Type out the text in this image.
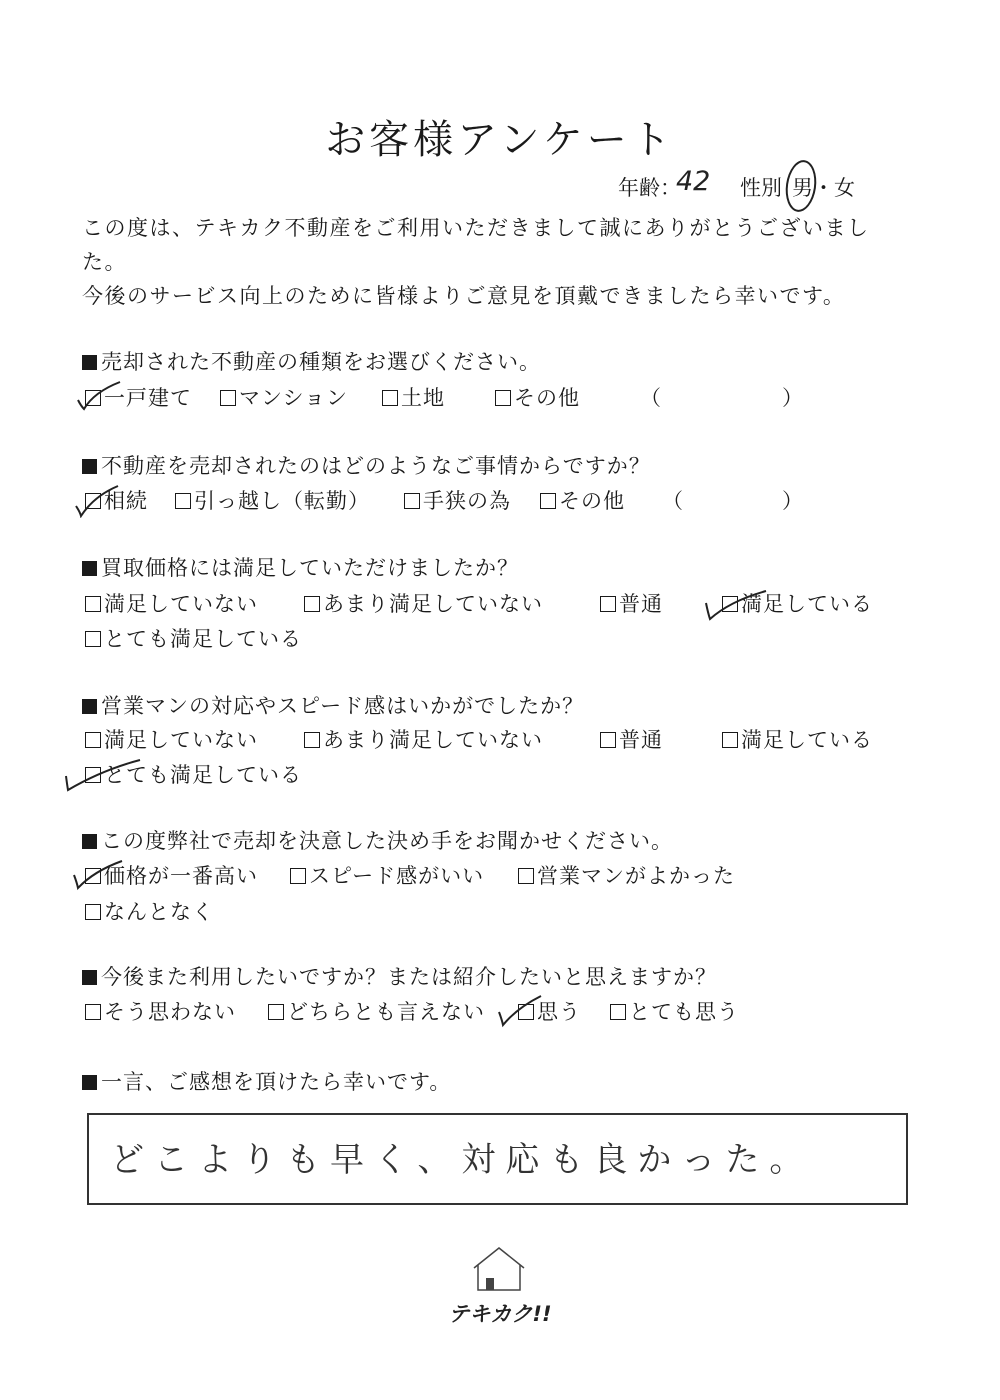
お客様アンケート
年齢：
42 性別 男・女
この度は、テキカク不動産をご利用いただきまして誠にありがとうございまし
た。
今後のサービス向上のために皆様よりご意見を頂戴できましたら幸いです。
売却された不動産の種類をお選びください。
一戸建て	マンション	土地	その他	（	）
不動産を売却されたのはどのようなご事情からですか？
相続	引っ越し（転勤）	手狭の為	その他 （	）
買取価格には満足していただけましたか？
満足していない	あまり満足していない	普通	満足している
とても満足している
営業マンの対応やスピード感はいかがでしたか？
満足していない	あまり満足していない	普通	満足している
とても満足している
この度弊社で売却を決意した決め手をお聞かせください。
価格が一番高い	スピード感がいい	営業マンがよかった
なんとなく
今後また利用したいですか？または紹介したいと思えますか？
そう思わない	どちらとも言えない	思う	とても思う
一言、ご感想を頂けたら幸いです。
どこよりも早く、対応も良かった。
テキカク!!
